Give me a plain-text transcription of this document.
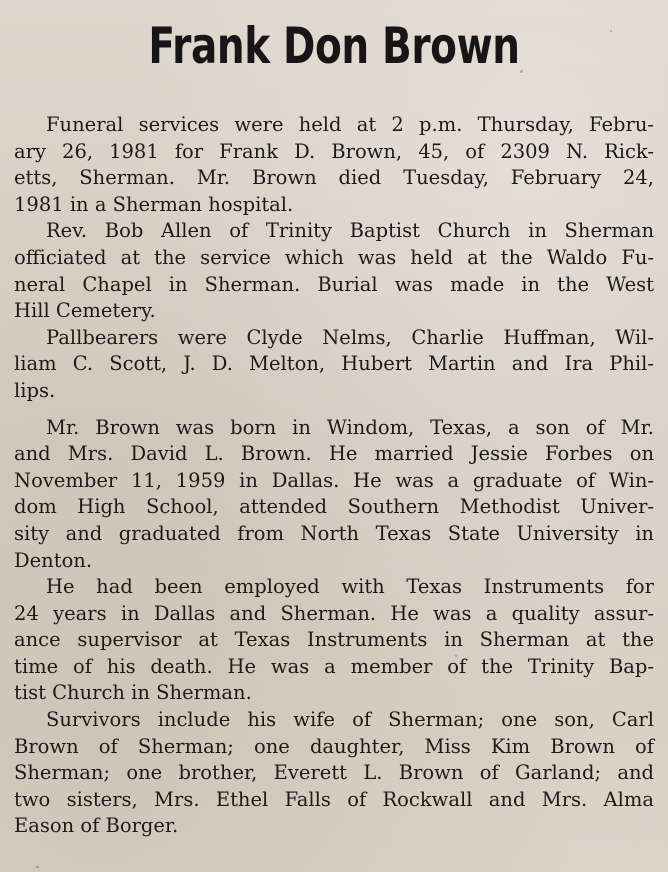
Frank Don Brown
Funeral services were held at 2 p.m. Thursday, Febru-
ary 26, 1981 for Frank D. Brown, 45, of 2309 N. Rick-
etts, Sherman. Mr. Brown died Tuesday, February 24,
1981 in a Sherman hospital.
Rev. Bob Allen of Trinity Baptist Church in Sherman
officiated at the service which was held at the Waldo Fu-
neral Chapel in Sherman. Burial was made in the West
Hill Cemetery.
Pallbearers were Clyde Nelms, Charlie Huffman, Wil-
liam C. Scott, J. D. Melton, Hubert Martin and Ira Phil-
lips.
Mr. Brown was born in Windom, Texas, a son of Mr.
and Mrs. David L. Brown. He married Jessie Forbes on
November 11, 1959 in Dallas. He was a graduate of Win-
dom High School, attended Southern Methodist Univer-
sity and graduated from North Texas State University in
Denton.
He had been employed with Texas Instruments for
24 years in Dallas and Sherman. He was a quality assur-
ance supervisor at Texas Instruments in Sherman at the
time of his death. He was a member of the Trinity Bap-
tist Church in Sherman.
Survivors include his wife of Sherman; one son, Carl
Brown of Sherman; one daughter, Miss Kim Brown of
Sherman; one brother, Everett L. Brown of Garland; and
two sisters, Mrs. Ethel Falls of Rockwall and Mrs. Alma
Eason of Borger.
